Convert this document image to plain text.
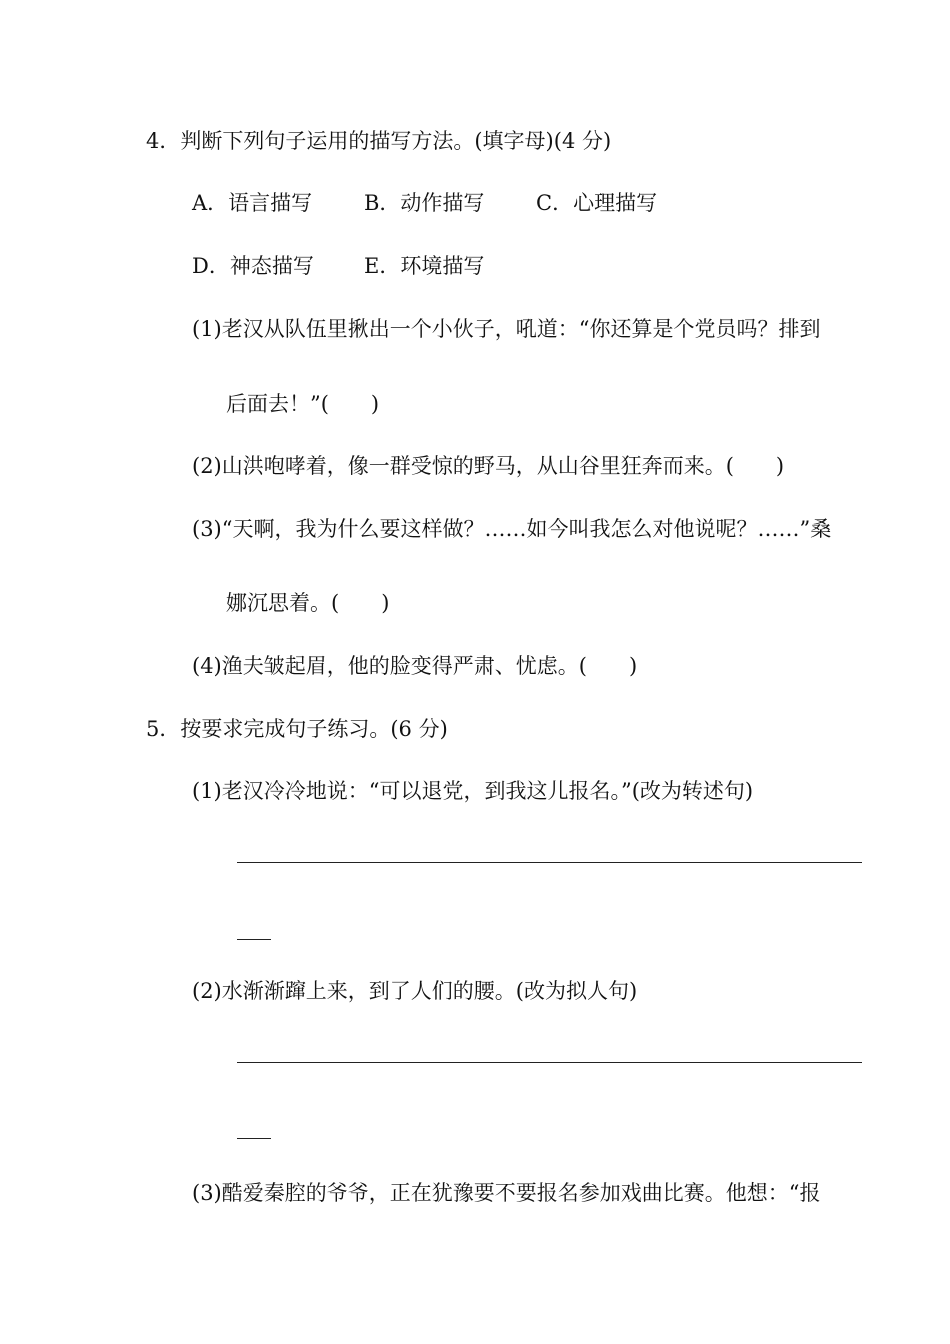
4．判断下列句子运用的描写方法。(填字母)(4 分)
A．语言描写 B．动作描写 C．心理描写
D．神态描写 E．环境描写
(1)老汉从队伍里揪出一个小伙子，吼道：“你还算是个党员吗？排到
后面去！”(　　)
(2)山洪咆哮着，像一群受惊的野马，从山谷里狂奔而来。(　　)
(3)“天啊，我为什么要这样做？……如今叫我怎么对他说呢？……”桑
娜沉思着。(　　)
(4)渔夫皱起眉，他的脸变得严肃、忧虑。(　　)
5．按要求完成句子练习。(6 分)
(1)老汉冷冷地说：“可以退党，到我这儿报名。”(改为转述句)
(2)水渐渐蹿上来，到了人们的腰。(改为拟人句)
(3)酷爱秦腔的爷爷，正在犹豫要不要报名参加戏曲比赛。他想：“报
